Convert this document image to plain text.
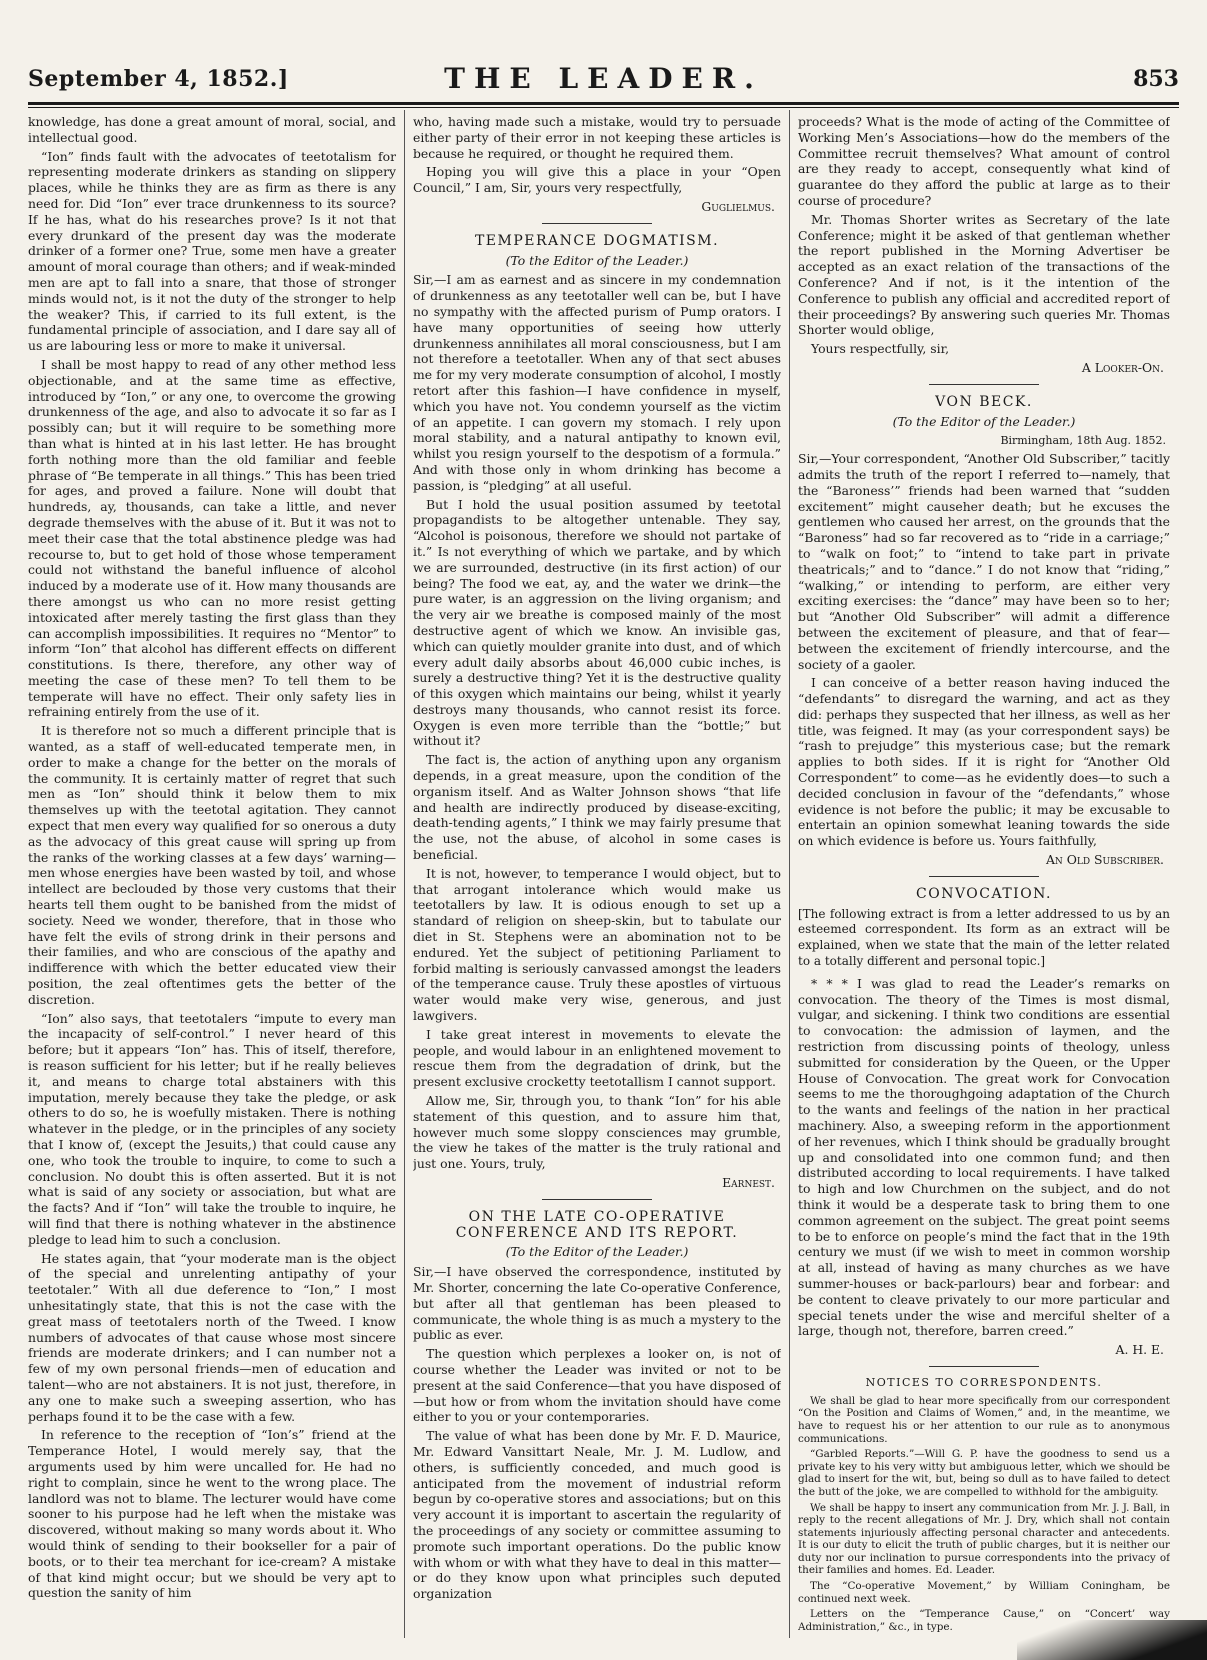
September 4, 1852.]	THE LEADER.	853

knowledge, has done a great amount of moral, social, and intellectual good.

“Ion” finds fault with the advocates of teetotalism for representing moderate drinkers as standing on slippery places, while he thinks they are as firm as there is any need for. Did “Ion” ever trace drunkenness to its source? If he has, what do his researches prove? Is it not that every drunkard of the present day was the moderate drinker of a former one? True, some men have a greater amount of moral courage than others; and if weak-minded men are apt to fall into a snare, that those of stronger minds would not, is it not the duty of the stronger to help the weaker? This, if carried to its full extent, is the fundamental principle of association, and I dare say all of us are labouring less or more to make it universal.

I shall be most happy to read of any other method less objectionable, and at the same time as effective, introduced by “Ion,” or any one, to overcome the growing drunkenness of the age, and also to advocate it so far as I possibly can; but it will require to be something more than what is hinted at in his last letter. He has brought forth nothing more than the old familiar and feeble phrase of “Be temperate in all things.” This has been tried for ages, and proved a failure. None will doubt that hundreds, ay, thousands, can take a little, and never degrade themselves with the abuse of it. But it was not to meet their case that the total abstinence pledge was had recourse to, but to get hold of those whose temperament could not withstand the baneful influence of alcohol induced by a moderate use of it. How many thousands are there amongst us who can no more resist getting intoxicated after merely tasting the first glass than they can accomplish impossibilities. It requires no “Mentor” to inform “Ion” that alcohol has different effects on different constitutions. Is there, therefore, any other way of meeting the case of these men? To tell them to be temperate will have no effect. Their only safety lies in refraining entirely from the use of it.

It is therefore not so much a different principle that is wanted, as a staff of well-educated temperate men, in order to make a change for the better on the morals of the community. It is certainly matter of regret that such men as “Ion” should think it below them to mix themselves up with the teetotal agitation. They cannot expect that men every way qualified for so onerous a duty as the advocacy of this great cause will spring up from the ranks of the working classes at a few days’ warning—men whose energies have been wasted by toil, and whose intellect are beclouded by those very customs that their hearts tell them ought to be banished from the midst of society. Need we wonder, therefore, that in those who have felt the evils of strong drink in their persons and their families, and who are conscious of the apathy and indifference with which the better educated view their position, the zeal oftentimes gets the better of the discretion.

“Ion” also says, that teetotalers “impute to every man the incapacity of self-control.” I never heard of this before; but it appears “Ion” has. This of itself, therefore, is reason sufficient for his letter; but if he really believes it, and means to charge total abstainers with this imputation, merely because they take the pledge, or ask others to do so, he is woefully mistaken. There is nothing whatever in the pledge, or in the principles of any society that I know of, (except the Jesuits,) that could cause any one, who took the trouble to inquire, to come to such a conclusion. No doubt this is often asserted. But it is not what is said of any society or association, but what are the facts? And if “Ion” will take the trouble to inquire, he will find that there is nothing whatever in the abstinence pledge to lead him to such a conclusion.

He states again, that “your moderate man is the object of the special and unrelenting antipathy of your teetotaler.” With all due deference to “Ion,” I most unhesitatingly state, that this is not the case with the great mass of teetotalers north of the Tweed. I know numbers of advocates of that cause whose most sincere friends are moderate drinkers; and I can number not a few of my own personal friends—men of education and talent—who are not abstainers. It is not just, therefore, in any one to make such a sweeping assertion, who has perhaps found it to be the case with a few.

In reference to the reception of “Ion’s” friend at the Temperance Hotel, I would merely say, that the arguments used by him were uncalled for. He had no right to complain, since he went to the wrong place. The landlord was not to blame. The lecturer would have come sooner to his purpose had he left when the mistake was discovered, without making so many words about it. Who would think of sending to their bookseller for a pair of boots, or to their tea merchant for ice-cream? A mistake of that kind might occur; but we should be very apt to question the sanity of him

who, having made such a mistake, would try to persuade either party of their error in not keeping these articles is because he required, or thought he required them.

Hoping you will give this a place in your “Open Council,” I am, Sir, yours very respectfully,

Guglielmus.
TEMPERANCE DOGMATISM.
(To the Editor of the Leader.)

Sir,—I am as earnest and as sincere in my condemnation of drunkenness as any teetotaller well can be, but I have no sympathy with the affected purism of Pump orators. I have many opportunities of seeing how utterly drunkenness annihilates all moral consciousness, but I am not therefore a teetotaller. When any of that sect abuses me for my very moderate consumption of alcohol, I mostly retort after this fashion—I have confidence in myself, which you have not. You condemn yourself as the victim of an appetite. I can govern my stomach. I rely upon moral stability, and a natural antipathy to known evil, whilst you resign yourself to the despotism of a formula.” And with those only in whom drinking has become a passion, is “pledging” at all useful.

But I hold the usual position assumed by teetotal propagandists to be altogether untenable. They say, “Alcohol is poisonous, therefore we should not partake of it.” Is not everything of which we partake, and by which we are surrounded, destructive (in its first action) of our being? The food we eat, ay, and the water we drink—the pure water, is an aggression on the living organism; and the very air we breathe is composed mainly of the most destructive agent of which we know. An invisible gas, which can quietly moulder granite into dust, and of which every adult daily absorbs about 46,000 cubic inches, is surely a destructive thing? Yet it is the destructive quality of this oxygen which maintains our being, whilst it yearly destroys many thousands, who cannot resist its force. Oxygen is even more terrible than the “bottle;” but without it?

The fact is, the action of anything upon any organism depends, in a great measure, upon the condition of the organism itself. And as Walter Johnson shows “that life and health are indirectly produced by disease-exciting, death-tending agents,” I think we may fairly presume that the use, not the abuse, of alcohol in some cases is beneficial.

It is not, however, to temperance I would object, but to that arrogant intolerance which would make us teetotallers by law. It is odious enough to set up a standard of religion on sheep-skin, but to tabulate our diet in St. Stephens were an abomination not to be endured. Yet the subject of petitioning Parliament to forbid malting is seriously canvassed amongst the leaders of the temperance cause. Truly these apostles of virtuous water would make very wise, generous, and just lawgivers.

I take great interest in movements to elevate the people, and would labour in an enlightened movement to rescue them from the degradation of drink, but the present exclusive crocketty teetotallism I cannot support.

Allow me, Sir, through you, to thank “Ion” for his able statement of this question, and to assure him that, however much some sloppy consciences may grumble, the view he takes of the matter is the truly rational and just one. Yours, truly,

Earnest.
ON THE LATE CO-OPERATIVE CONFERENCE AND ITS REPORT.
(To the Editor of the Leader.)

Sir,—I have observed the correspondence, instituted by Mr. Shorter, concerning the late Co-operative Conference, but after all that gentleman has been pleased to communicate, the whole thing is as much a mystery to the public as ever.

The question which perplexes a looker on, is not of course whether the Leader was invited or not to be present at the said Conference—that you have disposed of—but how or from whom the invitation should have come either to you or your contemporaries.

The value of what has been done by Mr. F. D. Maurice, Mr. Edward Vansittart Neale, Mr. J. M. Ludlow, and others, is sufficiently conceded, and much good is anticipated from the movement of industrial reform begun by co-operative stores and associations; but on this very account it is important to ascertain the regularity of the proceedings of any society or committee assuming to promote such important operations. Do the public know with whom or with what they have to deal in this matter—or do they know upon what principles such deputed organization

proceeds? What is the mode of acting of the Committee of Working Men’s Associations—how do the members of the Committee recruit themselves? What amount of control are they ready to accept, consequently what kind of guarantee do they afford the public at large as to their course of procedure?

Mr. Thomas Shorter writes as Secretary of the late Conference; might it be asked of that gentleman whether the report published in the Morning Advertiser be accepted as an exact relation of the transactions of the Conference? And if not, is it the intention of the Conference to publish any official and accredited report of their proceedings? By answering such queries Mr. Thomas Shorter would oblige,

Yours respectfully, sir,

A Looker-On.
VON BECK.
(To the Editor of the Leader.)
Birmingham, 18th Aug. 1852.

Sir,—Your correspondent, “Another Old Subscriber,” tacitly admits the truth of the report I referred to—namely, that the “Baroness’” friends had been warned that “sudden excitement” might causeher death; but he excuses the gentlemen who caused her arrest, on the grounds that the “Baroness” had so far recovered as to “ride in a carriage;” to “walk on foot;” to “intend to take part in private theatricals;” and to “dance.” I do not know that “riding,” “walking,” or intending to perform, are either very exciting exercises: the “dance” may have been so to her; but “Another Old Subscriber” will admit a difference between the excitement of pleasure, and that of fear—between the excitement of friendly intercourse, and the society of a gaoler.

I can conceive of a better reason having induced the “defendants” to disregard the warning, and act as they did: perhaps they suspected that her illness, as well as her title, was feigned. It may (as your correspondent says) be “rash to prejudge” this mysterious case; but the remark applies to both sides. If it is right for “Another Old Correspondent” to come—as he evidently does—to such a decided conclusion in favour of the “defendants,” whose evidence is not before the public; it may be excusable to entertain an opinion somewhat leaning towards the side on which evidence is before us. Yours faithfully,

An Old Subscriber.
CONVOCATION.
[The following extract is from a letter addressed to us by an esteemed correspondent. Its form as an extract will be explained, when we state that the main of the letter related to a totally different and personal topic.]

* * * I was glad to read the Leader’s remarks on convocation. The theory of the Times is most dismal, vulgar, and sickening. I think two conditions are essential to convocation: the admission of laymen, and the restriction from discussing points of theology, unless submitted for consideration by the Queen, or the Upper House of Convocation. The great work for Convocation seems to me the thoroughgoing adaptation of the Church to the wants and feelings of the nation in her practical machinery. Also, a sweeping reform in the apportionment of her revenues, which I think should be gradually brought up and consolidated into one common fund; and then distributed according to local requirements. I have talked to high and low Churchmen on the subject, and do not think it would be a desperate task to bring them to one common agreement on the subject. The great point seems to be to enforce on people’s mind the fact that in the 19th century we must (if we wish to meet in common worship at all, instead of having as many churches as we have summer-houses or back-parlours) bear and forbear: and be content to cleave privately to our more particular and special tenets under the wise and merciful shelter of a large, though not, therefore, barren creed.”

A. H. E.
NOTICES TO CORRESPONDENTS.

We shall be glad to hear more specifically from our correspondent “On the Position and Claims of Women,” and, in the meantime, we have to request his or her attention to our rule as to anonymous communications.

“Garbled Reports.”—Will G. P. have the goodness to send us a private key to his very witty but ambiguous letter, which we should be glad to insert for the wit, but, being so dull as to have failed to detect the butt of the joke, we are compelled to withhold for the ambiguity.

We shall be happy to insert any communication from Mr. J. J. Ball, in reply to the recent allegations of Mr. J. Dry, which shall not contain statements injuriously affecting personal character and antecedents. It is our duty to elicit the truth of public charges, but it is neither our duty nor our inclination to pursue correspondents into the privacy of their families and homes. Ed. Leader.

The “Co-operative Movement,” by William Coningham, be continued next week.

Letters on the “Temperance Cause,” on “Concert’ way Administration,” &c., in type.
